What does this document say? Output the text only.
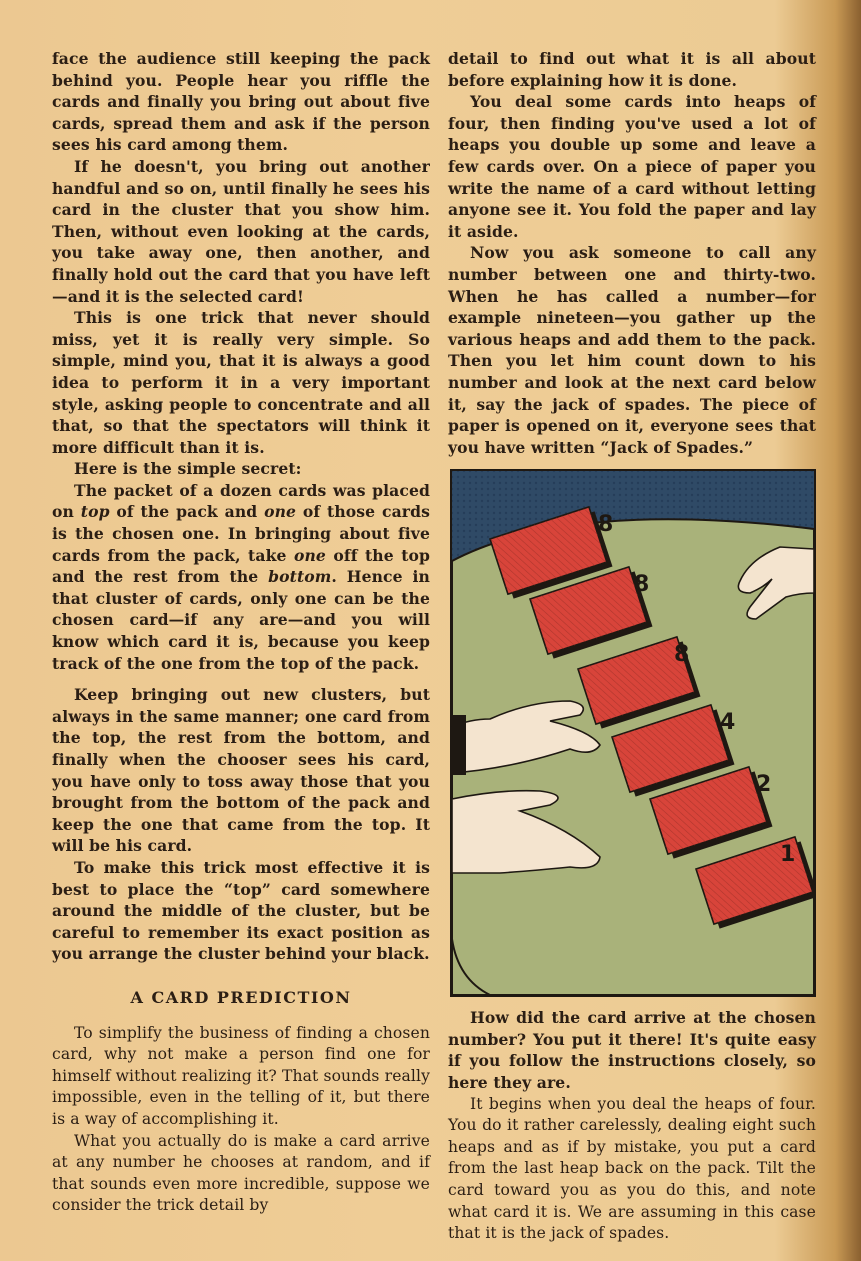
face the audience still keeping the pack behind you. People hear you riffle the cards and finally you bring out about five cards, spread them and ask if the person sees his card among them.

If he doesn't, you bring out another handful and so on, until finally he sees his card in the cluster that you show him. Then, without even looking at the cards, you take away one, then another, and finally hold out the card that you have left—and it is the selected card!

This is one trick that never should miss, yet it is really very simple. So simple, mind you, that it is always a good idea to perform it in a very important style, asking people to concentrate and all that, so that the spectators will think it more difficult than it is.

Here is the simple secret:

The packet of a dozen cards was placed on top of the pack and one of those cards is the chosen one. In bringing about five cards from the pack, take one off the top and the rest from the bottom. Hence in that cluster of cards, only one can be the chosen card—if any are—and you will know which card it is, because you keep track of the one from the top of the pack.

Keep bringing out new clusters, but always in the same manner; one card from the top, the rest from the bottom, and finally when the chooser sees his card, you have only to toss away those that you brought from the bottom of the pack and keep the one that came from the top. It will be his card.

To make this trick most effective it is best to place the “top” card somewhere around the middle of the cluster, but be careful to remember its exact position as you arrange the cluster behind your black.

A CARD PREDICTION

To simplify the business of finding a chosen card, why not make a person find one for himself without realizing it? That sounds really impossible, even in the telling of it, but there is a way of accomplishing it.

What you actually do is make a card arrive at any number he chooses at random, and if that sounds even more incredible, suppose we consider the trick detail by

detail to find out what it is all about before explaining how it is done.

You deal some cards into heaps of four, then finding you've used a lot of heaps you double up some and leave a few cards over. On a piece of paper you write the name of a card without letting anyone see it. You fold the paper and lay it aside.

Now you ask someone to call any number between one and thirty-two. When he has called a number—for example nineteen—you gather up the various heaps and add them to the pack. Then you let him count down to his number and look at the next card below it, say the jack of spades. The piece of paper is opened on it, everyone sees that you have written “Jack of Spades.”

8
8
8
4
2
1

How did the card arrive at the chosen number? You put it there! It's quite easy if you follow the instructions closely, so here they are.

It begins when you deal the heaps of four. You do it rather carelessly, dealing eight such heaps and as if by mistake, you put a card from the last heap back on the pack. Tilt the card toward you as you do this, and note what card it is. We are assuming in this case that it is the jack of spades.
